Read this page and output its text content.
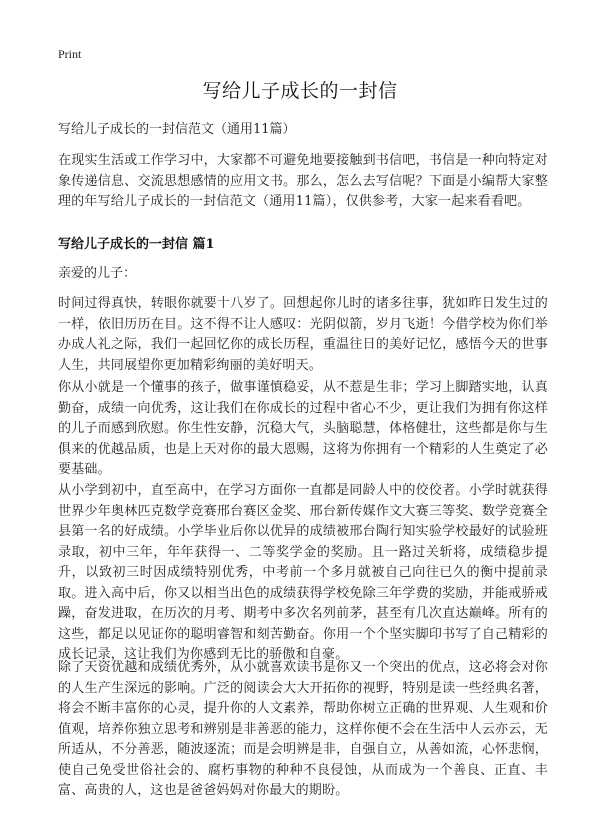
Print
写给儿子成长的一封信
写给儿子成长的一封信范文（通用11篇）

在现实生活或工作学习中，大家都不可避免地要接触到书信吧，书信是一种向特定对象传递信息、交流思想感情的应用文书。那么，怎么去写信呢？下面是小编帮大家整理的年写给儿子成长的一封信范文（通用11篇），仅供参考，大家一起来看看吧。

写给儿子成长的一封信 篇1
亲爱的儿子：

时间过得真快，转眼你就要十八岁了。回想起你儿时的诸多往事，犹如昨日发生过的一样，依旧历历在目。这不得不让人感叹：光阴似箭，岁月飞逝！今借学校为你们举办成人礼之际，我们一起回忆你的成长历程，重温往日的美好记忆，感悟今天的世事人生，共同展望你更加精彩绚丽的美好明天。

你从小就是一个懂事的孩子，做事谨慎稳妥，从不惹是生非；学习上脚踏实地，认真勤奋，成绩一向优秀，这让我们在你成长的过程中省心不少，更让我们为拥有你这样的儿子而感到欣慰。你生性安静，沉稳大气，头脑聪慧，体格健壮，这些都是你与生俱来的优越品质，也是上天对你的最大恩赐，这将为你拥有一个精彩的人生奠定了必要基础。

从小学到初中，直至高中，在学习方面你一直都是同龄人中的佼佼者。小学时就获得世界少年奥林匹克数学竞赛邢台赛区金奖、邢台新传媒作文大赛三等奖、数学竞赛全县第一名的好成绩。小学毕业后你以优异的成绩被邢台陶行知实验学校最好的试验班录取，初中三年，年年获得一、二等奖学金的奖励。且一路过关斩将，成绩稳步提升，以致初三时因成绩特别优秀，中考前一个多月就被自己向往已久的衡中提前录取。进入高中后，你又以相当出色的成绩获得学校免除三年学费的奖励，并能戒骄戒躁，奋发进取，在历次的月考、期考中多次名列前茅，甚至有几次直达巅峰。所有的这些，都足以见证你的聪明睿智和刻苦勤奋。你用一个个坚实脚印书写了自己精彩的成长记录，这让我们为你感到无比的骄傲和自豪。

除了天资优越和成绩优秀外，从小就喜欢读书是你又一个突出的优点，这必将会对你的人生产生深远的影响。广泛的阅读会大大开拓你的视野，特别是读一些经典名著，将会不断丰富你的心灵，提升你的人文素养，帮助你树立正确的世界观、人生观和价值观，培养你独立思考和辨别是非善恶的能力，这样你便不会在生活中人云亦云，无所适从，不分善恶，随波逐流；而是会明辨是非，自强自立，从善如流，心怀悲悯，使自己免受世俗社会的、腐朽事物的种种不良侵蚀，从而成为一个善良、正直、丰富、高贵的人，这也是爸爸妈妈对你最大的期盼。
